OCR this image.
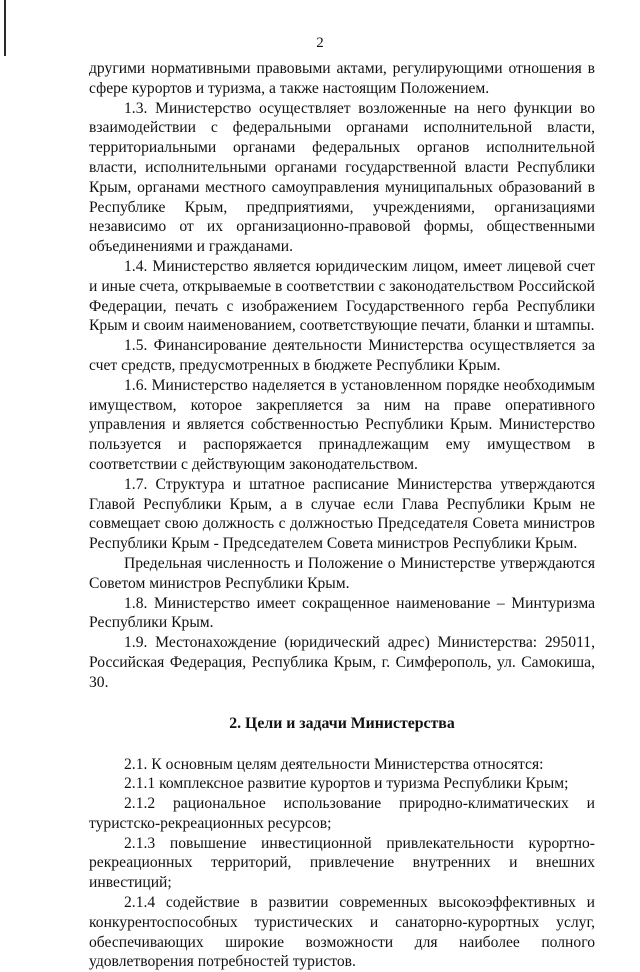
2

другими нормативными правовыми актами, регулирующими отношения в сфере курортов и туризма, а также настоящим Положением.

1.3. Министерство осуществляет возложенные на него функции во взаимодействии с федеральными органами исполнительной власти, территориальными органами федеральных органов исполнительной власти, исполнительными органами государственной власти Республики Крым, органами местного самоуправления муниципальных образований в Республике Крым, предприятиями, учреждениями, организациями независимо от их организационно-правовой формы, общественными объединениями и гражданами.

1.4. Министерство является юридическим лицом, имеет лицевой счет и иные счета, открываемые в соответствии с законодательством Российской Федерации, печать с изображением Государственного герба Республики Крым и своим наименованием, соответствующие печати, бланки и штампы.

1.5. Финансирование деятельности Министерства осуществляется за счет средств, предусмотренных в бюджете Республики Крым.

1.6. Министерство наделяется в установленном порядке необходимым имуществом, которое закрепляется за ним на праве оперативного управления и является собственностью Республики Крым. Министерство пользуется и распоряжается принадлежащим ему имуществом в соответствии с действующим законодательством.

1.7. Структура и штатное расписание Министерства утверждаются Главой Республики Крым, а в случае если Глава Республики Крым не совмещает свою должность с должностью Председателя Совета министров Республики Крым - Председателем Совета министров Республики Крым.

Предельная численность и Положение о Министерстве утверждаются Советом министров Республики Крым.

1.8. Министерство имеет сокращенное наименование – Минтуризма Республики Крым.

1.9. Местонахождение (юридический адрес) Министерства: 295011, Российская Федерация, Республика Крым, г. Симферополь, ул. Самокиша, 30.

2. Цели и задачи Министерства

2.1. К основным целям деятельности Министерства относятся:

2.1.1 комплексное развитие курортов и туризма Республики Крым;

2.1.2 рациональное использование природно-климатических и туристско-рекреационных ресурсов;

2.1.3 повышение инвестиционной привлекательности курортно-рекреационных территорий, привлечение внутренних и внешних инвестиций;

2.1.4 содействие в развитии современных высокоэффективных и конкурентоспособных туристических и санаторно-курортных услуг, обеспечивающих широкие возможности для наиболее полного удовлетворения потребностей туристов.
